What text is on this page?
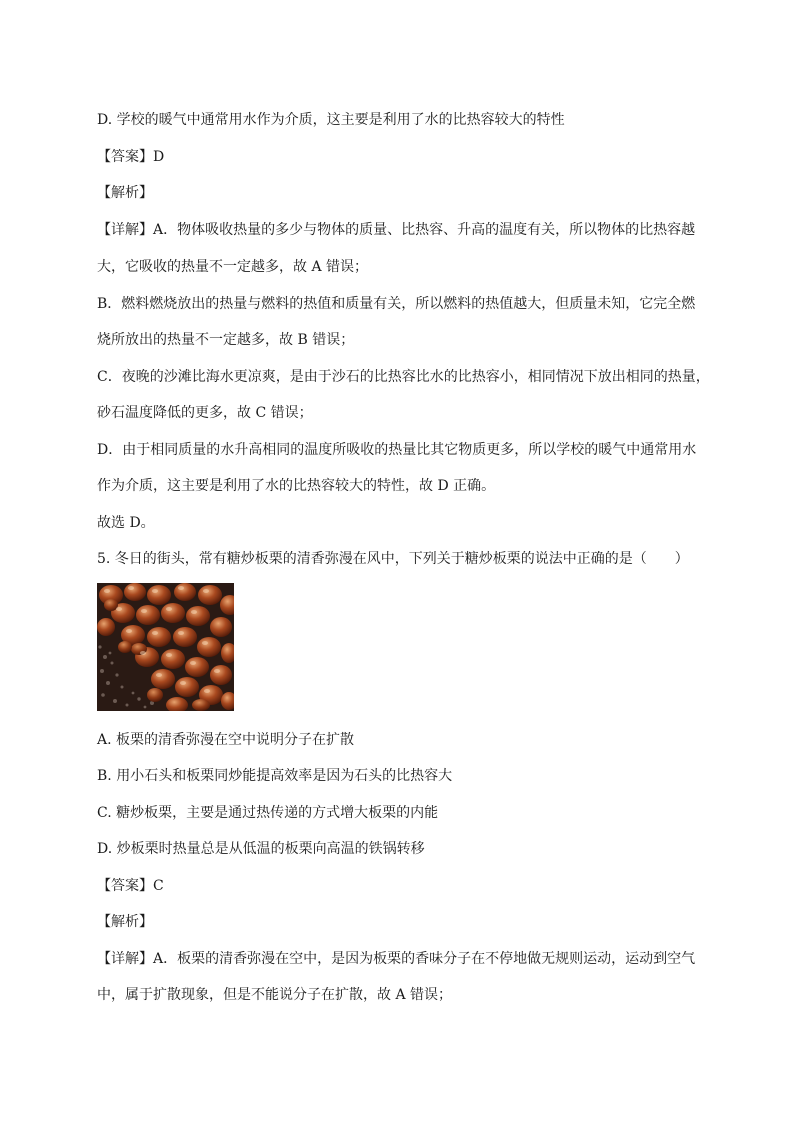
D. 学校的暖气中通常用水作为介质，这主要是利用了水的比热容较大的特性
【答案】D
【解析】
【详解】A．物体吸收热量的多少与物体的质量、比热容、升高的温度有关，所以物体的比热容越
大，它吸收的热量不一定越多，故 A 错误；
B．燃料燃烧放出的热量与燃料的热值和质量有关，所以燃料的热值越大，但质量未知，它完全燃
烧所放出的热量不一定越多，故 B 错误；
C．夜晚的沙滩比海水更凉爽，是由于沙石的比热容比水的比热容小，相同情况下放出相同的热量，
砂石温度降低的更多，故 C 错误；
D．由于相同质量的水升高相同的温度所吸收的热量比其它物质更多，所以学校的暖气中通常用水
作为介质，这主要是利用了水的比热容较大的特性，故 D 正确。
故选 D。
5. 冬日的街头，常有糖炒板栗的清香弥漫在风中，下列关于糖炒板栗的说法中正确的是（　　）
A. 板栗的清香弥漫在空中说明分子在扩散
B. 用小石头和板栗同炒能提高效率是因为石头的比热容大
C. 糖炒板栗，主要是通过热传递的方式增大板栗的内能
D. 炒板栗时热量总是从低温的板栗向高温的铁锅转移
【答案】C
【解析】
【详解】A．板栗的清香弥漫在空中，是因为板栗的香味分子在不停地做无规则运动，运动到空气
中，属于扩散现象，但是不能说分子在扩散，故 A 错误；
